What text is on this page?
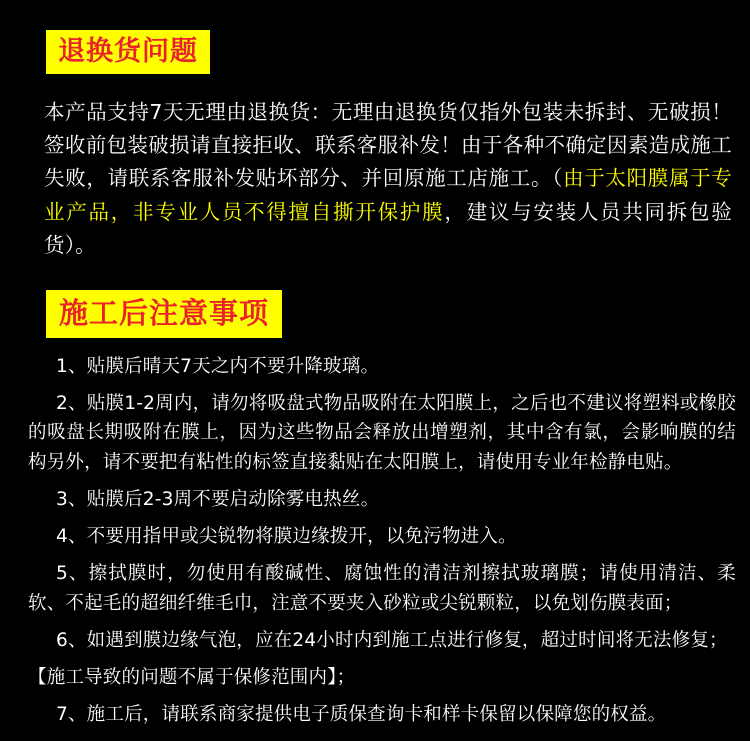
退换货问题
本产品支持7天无理由退换货：无理由退换货仅指外包装未拆封、无破损！签收前包装破损请直接拒收、联系客服补发！由于各种不确定因素造成施工失败，请联系客服补发贴坏部分、并回原施工店施工。（由于太阳膜属于专业产品，非专业人员不得擅自撕开保护膜，建议与安装人员共同拆包验货）。
施工后注意事项

1、贴膜后晴天7天之内不要升降玻璃。

2、贴膜1-2周内，请勿将吸盘式物品吸附在太阳膜上，之后也不建议将塑料或橡胶的吸盘长期吸附在膜上，因为这些物品会释放出增塑剂，其中含有氯，会影响膜的结构另外，请不要把有粘性的标签直接黏贴在太阳膜上，请使用专业年检静电贴。

3、贴膜后2-3周不要启动除雾电热丝。

4、不要用指甲或尖锐物将膜边缘拨开，以免污物进入。

5、擦拭膜时，勿使用有酸碱性、腐蚀性的清洁剂擦拭玻璃膜；请使用清洁、柔软、不起毛的超细纤维毛巾，注意不要夹入砂粒或尖锐颗粒，以免划伤膜表面；

6、如遇到膜边缘气泡，应在24小时内到施工点进行修复，超过时间将无法修复；

【施工导致的问题不属于保修范围内】；

7、施工后，请联系商家提供电子质保查询卡和样卡保留以保障您的权益。
